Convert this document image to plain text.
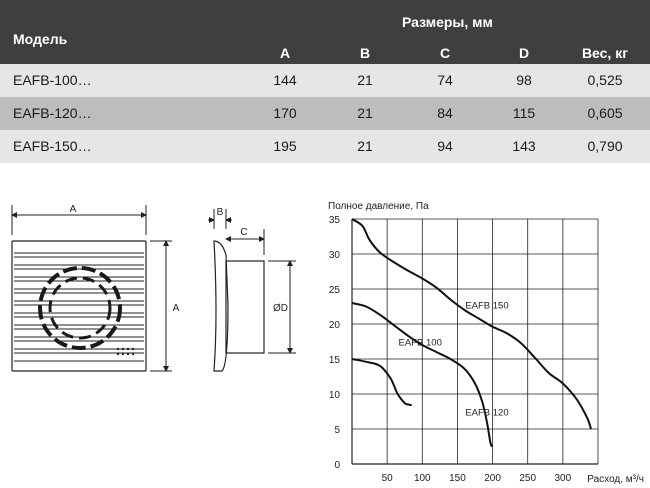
Модель
Размеры, мм
A	B	C	D	Вес, кг
EAFB-100…	144	21	74	98	0,525
EAFB-120…	170	21	84	115	0,605
EAFB-150…	195	21	94	143	0,790
A
A
B
C
ØD
Полное давление, Па
Расход, м³/ч
0
5
10
15
20
25
30
35
50 100 150 200 250 300
EAFB 100
EAFB 120
EAFB 150
